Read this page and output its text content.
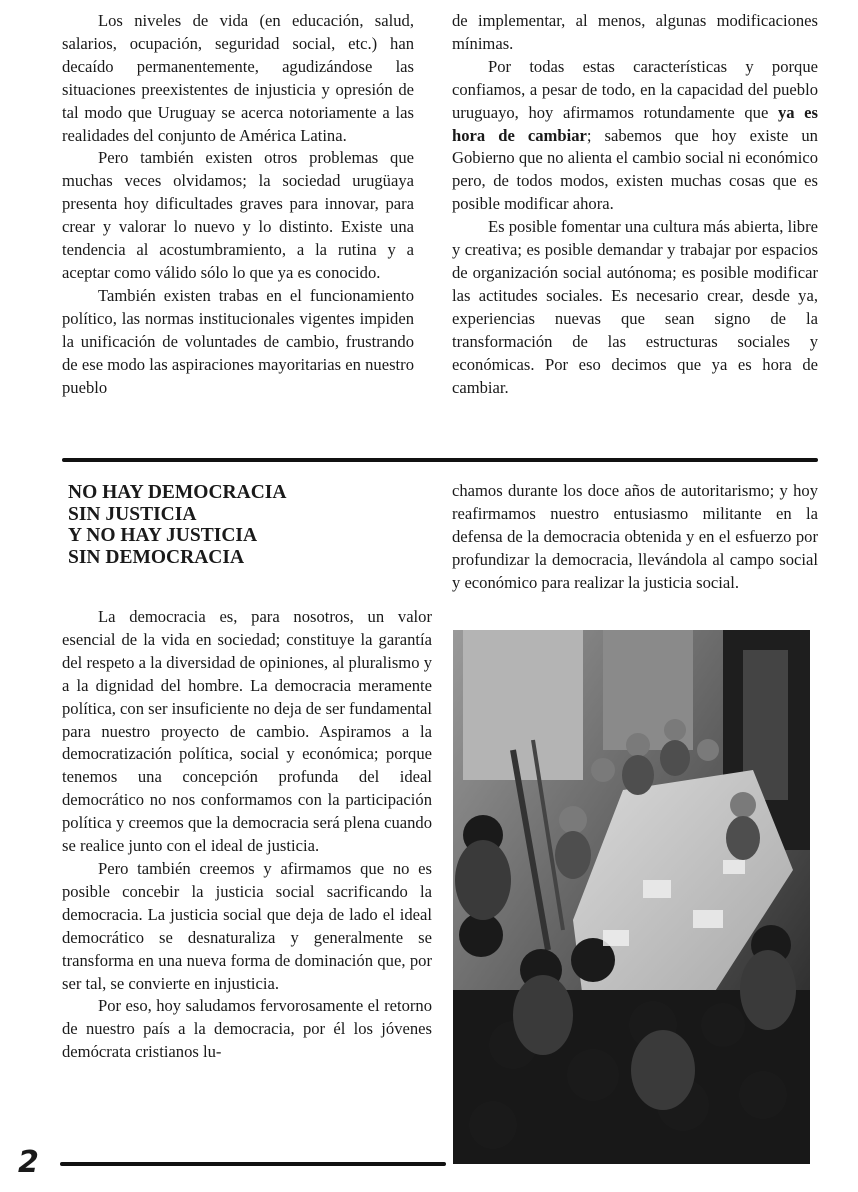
Los niveles de vida (en educación, salud, salarios, ocupación, seguridad social, etc.) han decaído permanentemente, agudizándose las situaciones preexistentes de injusticia y opresión de tal modo que Uruguay se acerca notoriamente a las realidades del conjunto de América Latina.

Pero también existen otros problemas que muchas veces olvidamos; la sociedad urugüaya presenta hoy dificultades graves para innovar, para crear y valorar lo nuevo y lo distinto. Existe una tendencia al acostumbramiento, a la rutina y a aceptar como válido sólo lo que ya es conocido.

También existen trabas en el funcionamiento político, las normas institucionales vigentes impiden la unificación de voluntades de cambio, frustrando de ese modo las aspiraciones mayoritarias en nuestro pueblo

de implementar, al menos, algunas modificaciones mínimas.

Por todas estas características y porque confiamos, a pesar de todo, en la capacidad del pueblo uruguayo, hoy afirmamos rotundamente que ya es hora de cambiar; sabemos que hoy existe un Gobierno que no alienta el cambio social ni económico pero, de todos modos, existen muchas cosas que es posible modificar ahora.

Es posible fomentar una cultura más abierta, libre y creativa; es posible demandar y trabajar por espacios de organización social autónoma; es posible modificar las actitudes sociales. Es necesario crear, desde ya, experiencias nuevas que sean signo de la transformación de las estructuras sociales y económicas. Por eso decimos que ya es hora de cambiar.

NO HAY DEMOCRACIA
SIN JUSTICIA
Y NO HAY JUSTICIA
SIN DEMOCRACIA

La democracia es, para nosotros, un valor esencial de la vida en sociedad; constituye la garantía del respeto a la diversidad de opiniones, al pluralismo y a la dignidad del hombre. La democracia meramente política, con ser insuficiente no deja de ser fundamental para nuestro proyecto de cambio. Aspiramos a la democratización política, social y económica; porque tenemos una concepción profunda del ideal democrático no nos conformamos con la participación política y creemos que la democracia será plena cuando se realice junto con el ideal de justicia.

Pero también creemos y afirmamos que no es posible concebir la justicia social sacrificando la democracia. La justicia social que deja de lado el ideal democrático se desnaturaliza y generalmente se transforma en una nueva forma de dominación que, por ser tal, se convierte en injusticia.

Por eso, hoy saludamos fervorosamente el retorno de nuestro país a la democracia, por él los jóvenes demócrata cristianos lu-

chamos durante los doce años de autoritarismo; y hoy reafirmamos nuestro entusiasmo militante en la defensa de la democracia obtenida y en el esfuerzo por profundizar la democracia, llevándola al campo social y económico para realizar la justicia social.

2
